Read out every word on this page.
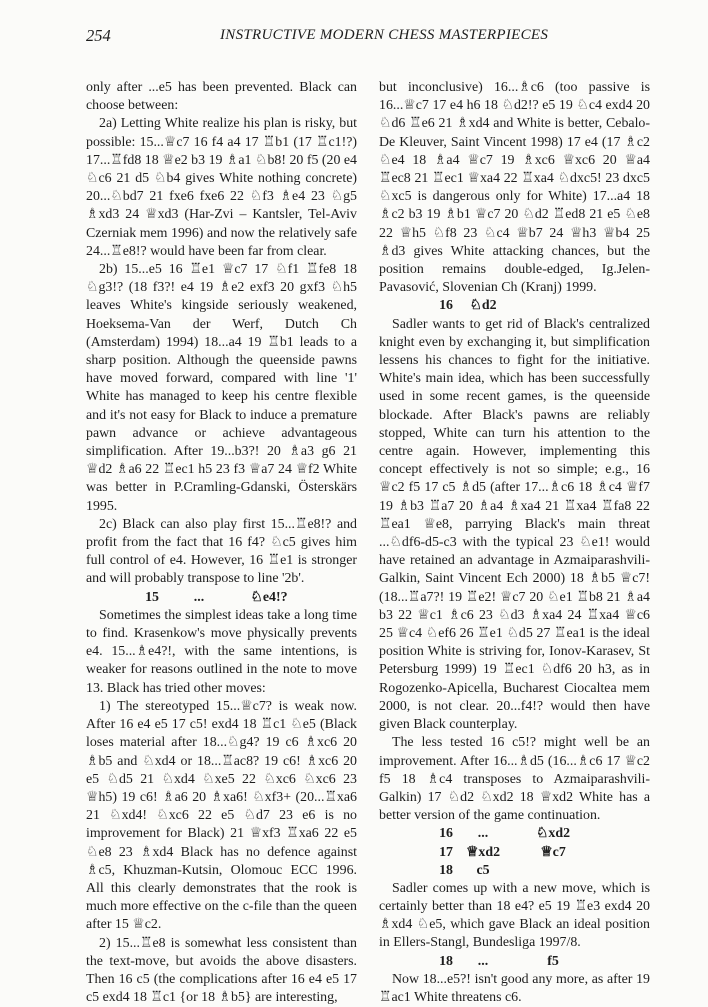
254	INSTRUCTIVE MODERN CHESS MASTERPIECES

only after ...e5 has been prevented. Black can choose between:

2a) Letting White realize his plan is risky, but possible: 15...♕c7 16 f4 a4 17 ♖b1 (17 ♖c1!?) 17...♖fd8 18 ♕e2 b3 19 ♗a1 ♘b8! 20 f5 (20 e4 ♘c6 21 d5 ♘b4 gives White nothing concrete) 20...♘bd7 21 fxe6 fxe6 22 ♘f3 ♗e4 23 ♘g5 ♗xd3 24 ♕xd3 (Har-Zvi – Kantsler, Tel-Aviv Czerniak mem 1996) and now the relatively safe 24...♖e8!? would have been far from clear.

2b) 15...e5 16 ♖e1 ♕c7 17 ♘f1 ♖fe8 18 ♘g3!? (18 f3?! e4 19 ♗e2 exf3 20 gxf3 ♘h5 leaves White's kingside seriously weakened, Hoeksema-Van der Werf, Dutch Ch (Amsterdam) 1994) 18...a4 19 ♖b1 leads to a sharp position. Although the queenside pawns have moved forward, compared with line '1' White has managed to keep his centre flexible and it's not easy for Black to induce a premature pawn advance or achieve advantageous simplification. After 19...b3?! 20 ♗a3 g6 21 ♕d2 ♗a6 22 ♖ec1 h5 23 f3 ♕a7 24 ♕f2 White was better in P.Cramling-Gdanski, Österskärs 1995.

2c) Black can also play first 15...♖e8!? and profit from the fact that 16 f4? ♘c5 gives him full control of e4. However, 16 ♖e1 is stronger and will probably transpose to line '2b'.

15	...	♘e4!?

Sometimes the simplest ideas take a long time to find. Krasenkow's move physically prevents e4. 15...♗e4?!, with the same intentions, is weaker for reasons outlined in the note to move 13. Black has tried other moves:

1) The stereotyped 15...♕c7? is weak now. After 16 e4 e5 17 c5! exd4 18 ♖c1 ♘e5 (Black loses material after 18...♘g4? 19 c6 ♗xc6 20 ♗b5 and ♘xd4 or 18...♖ac8? 19 c6! ♗xc6 20 e5 ♘d5 21 ♘xd4 ♘xe5 22 ♘xc6 ♘xc6 23 ♕h5) 19 c6! ♗a6 20 ♗xa6! ♘xf3+ (20...♖xa6 21 ♘xd4! ♘xc6 22 e5 ♘d7 23 e6 is no improvement for Black) 21 ♕xf3 ♖xa6 22 e5 ♘e8 23 ♗xd4 Black has no defence against ♗c5, Khuzman-Kutsin, Olomouc ECC 1996. All this clearly demonstrates that the rook is much more effective on the c-file than the queen after 15 ♕c2.

2) 15...♖e8 is somewhat less consistent than the text-move, but avoids the above disasters. Then 16 c5 (the complications after 16 e4 e5 17 c5 exd4 18 ♖c1 {or 18 ♗b5} are interesting,

but inconclusive) 16...♗c6 (too passive is 16...♕c7 17 e4 h6 18 ♘d2!? e5 19 ♘c4 exd4 20 ♘d6 ♖e6 21 ♗xd4 and White is better, Cebalo-De Kleuver, Saint Vincent 1998) 17 e4 (17 ♗c2 ♘e4 18 ♗a4 ♕c7 19 ♗xc6 ♕xc6 20 ♕a4 ♖ec8 21 ♖ec1 ♕xa4 22 ♖xa4 ♘dxc5! 23 dxc5 ♘xc5 is dangerous only for White) 17...a4 18 ♗c2 b3 19 ♗b1 ♕c7 20 ♘d2 ♖ed8 21 e5 ♘e8 22 ♕h5 ♘f8 23 ♘c4 ♕b7 24 ♕h3 ♕b4 25 ♗d3 gives White attacking chances, but the position remains double-edged, Ig.Jelen-Pavasović, Slovenian Ch (Kranj) 1999.

16	♘d2

Sadler wants to get rid of Black's centralized knight even by exchanging it, but simplification lessens his chances to fight for the initiative. White's main idea, which has been successfully used in some recent games, is the queenside blockade. After Black's pawns are reliably stopped, White can turn his attention to the centre again. However, implementing this concept effectively is not so simple; e.g., 16 ♕c2 f5 17 c5 ♗d5 (after 17...♗c6 18 ♗c4 ♕f7 19 ♗b3 ♖a7 20 ♗a4 ♗xa4 21 ♖xa4 ♖fa8 22 ♖ea1 ♕e8, parrying Black's main threat ...♘df6-d5-c3 with the typical 23 ♘e1! would have retained an advantage in Azmaiparashvili-Galkin, Saint Vincent Ech 2000) 18 ♗b5 ♕c7! (18...♖a7?! 19 ♖e2! ♕c7 20 ♘e1 ♖b8 21 ♗a4 b3 22 ♕c1 ♗c6 23 ♘d3 ♗xa4 24 ♖xa4 ♕c6 25 ♕c4 ♘ef6 26 ♖e1 ♘d5 27 ♖ea1 is the ideal position White is striving for, Ionov-Karasev, St Petersburg 1999) 19 ♖ec1 ♘df6 20 h3, as in Rogozenko-Apicella, Bucharest Ciocaltea mem 2000, is not clear. 20...f4!? would then have given Black counterplay.

The less tested 16 c5!? might well be an improvement. After 16...♗d5 (16...♗c6 17 ♕c2 f5 18 ♗c4 transposes to Azmaiparashvili-Galkin) 17 ♘d2 ♘xd2 18 ♕xd2 White has a better version of the game continuation.

16	...	♘xd2
17 ♕xd2	♕c7
18	c5

Sadler comes up with a new move, which is certainly better than 18 e4? e5 19 ♖e3 exd4 20 ♗xd4 ♘e5, which gave Black an ideal position in Ellers-Stangl, Bundesliga 1997/8.

18	...	f5

Now 18...e5?! isn't good any more, as after 19 ♖ac1 White threatens c6.
